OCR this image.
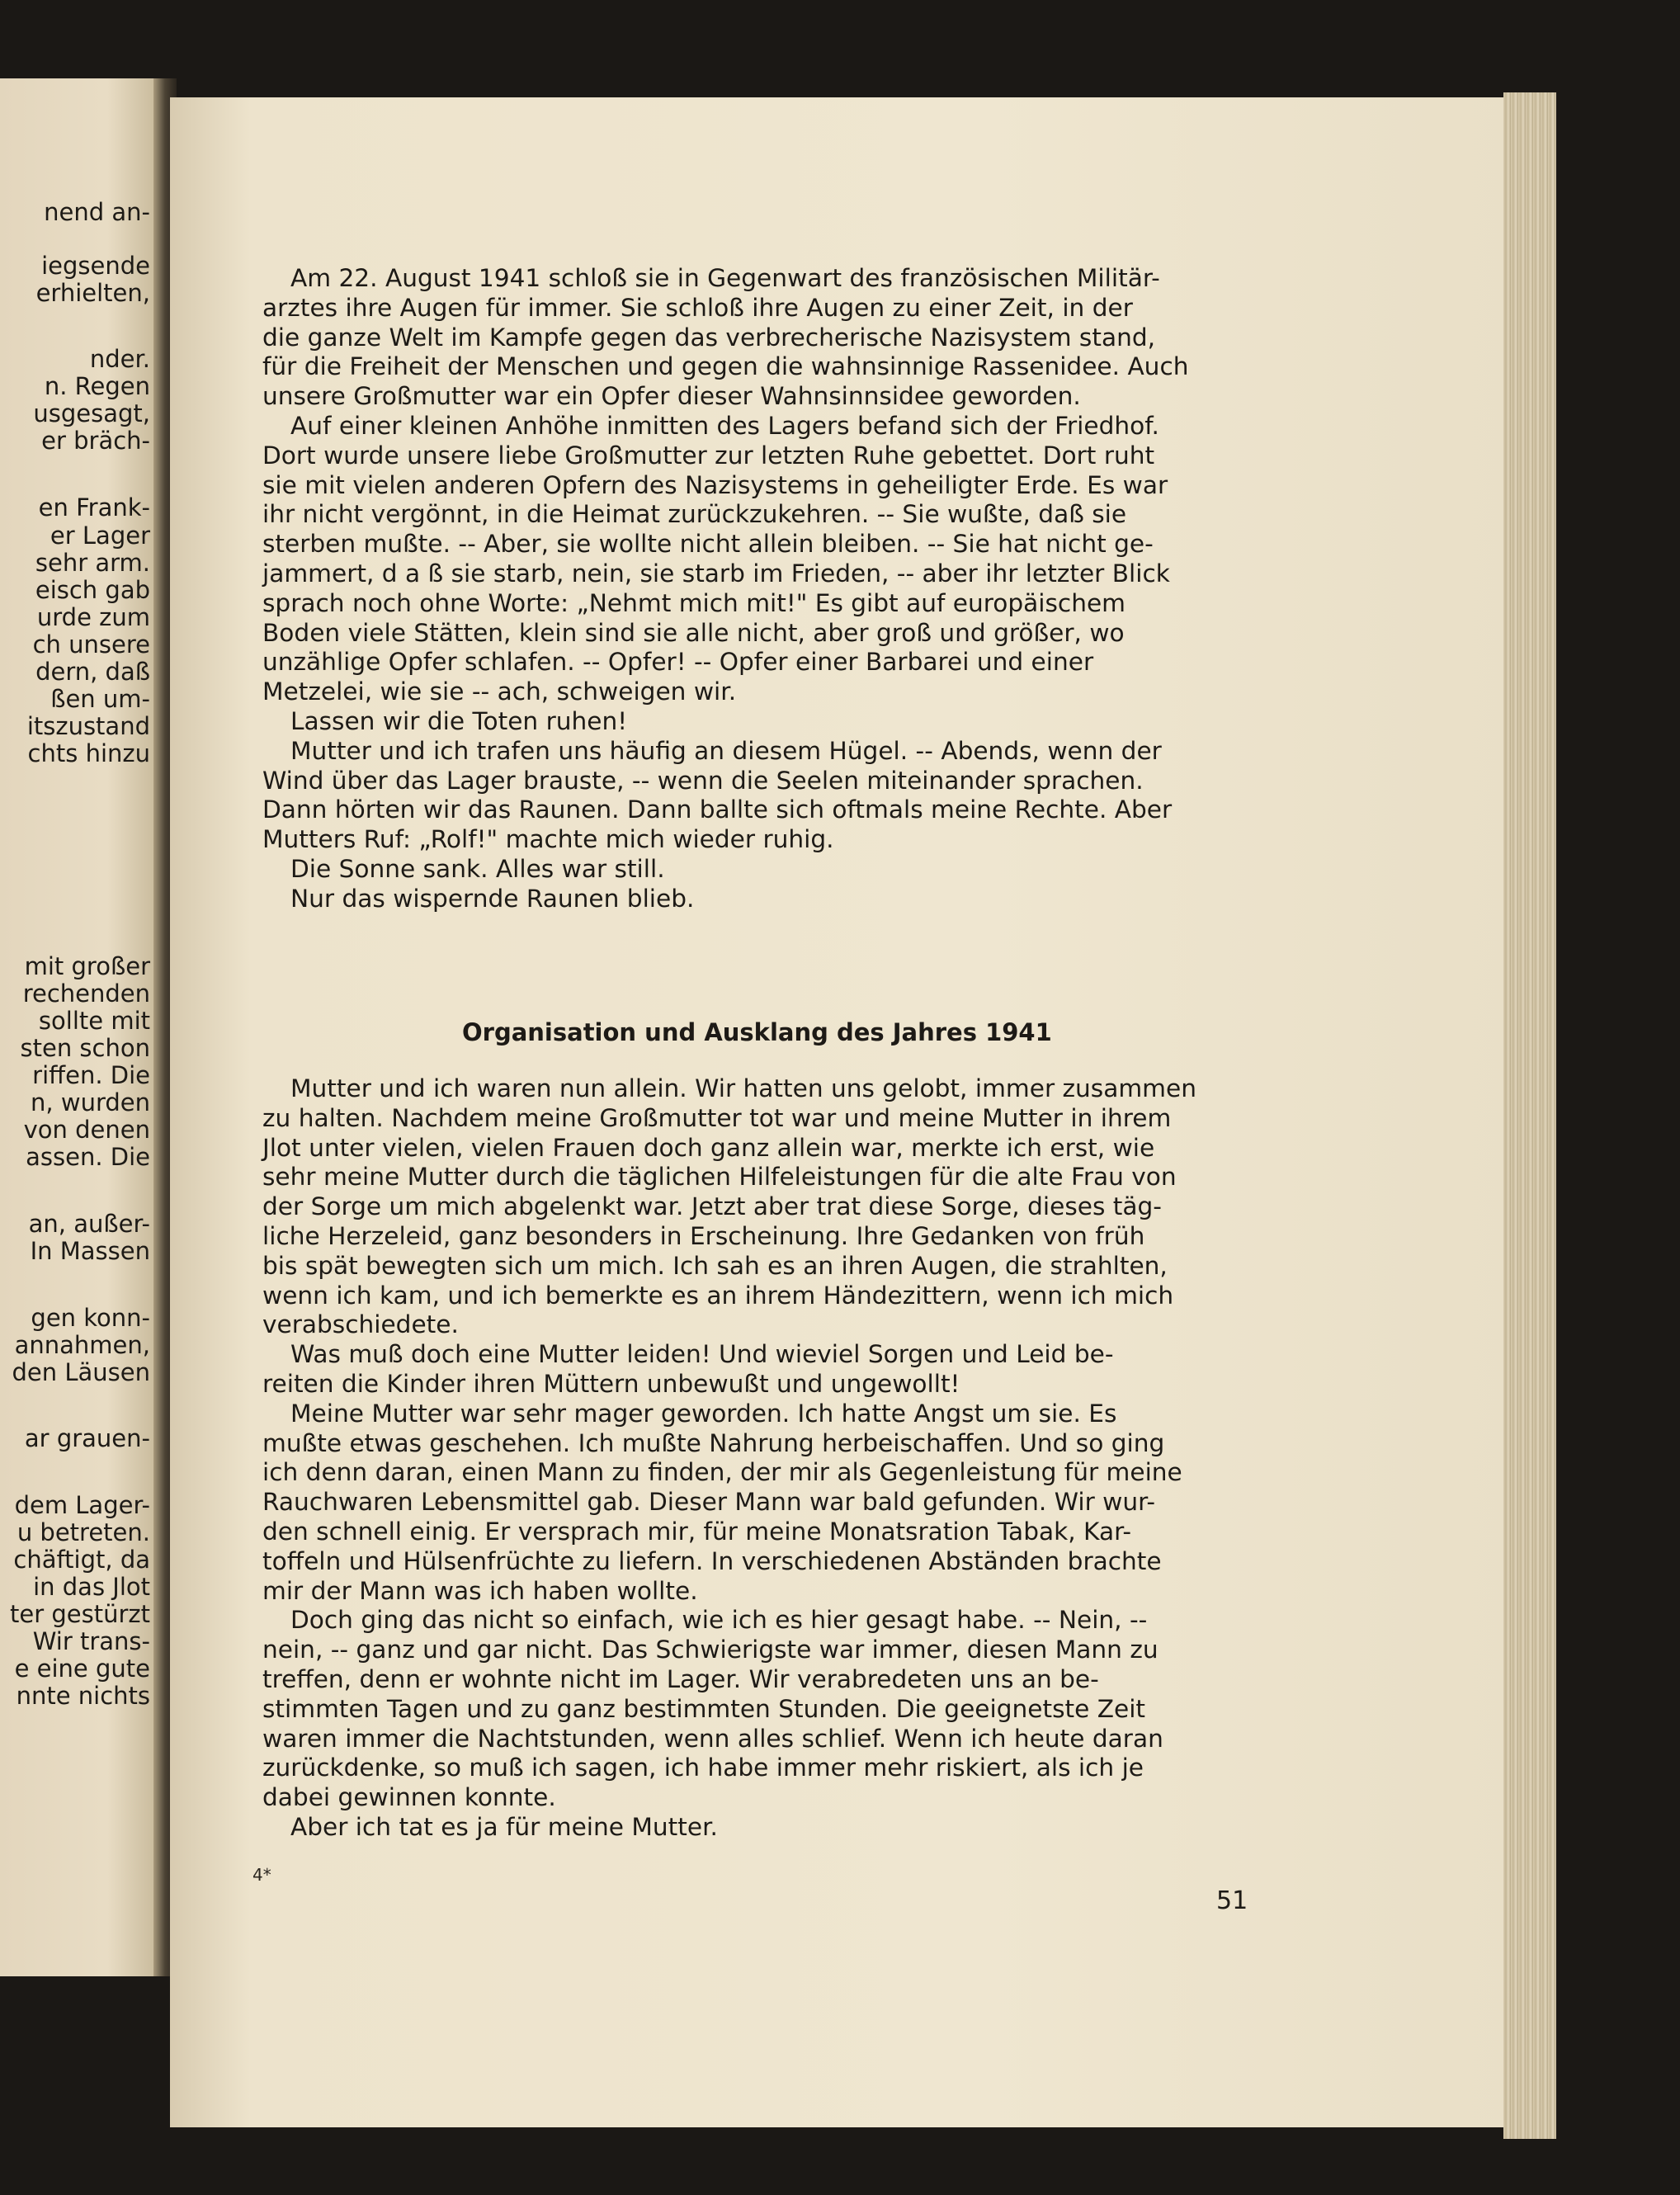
nend an-
iegsende
erhielten,
nder.
n. Regen
usgesagt,
er bräch-
en Frank-
er Lager
sehr arm.
eisch gab
urde zum
ch unsere
dern, daß
ßen um-
itszustand
chts hinzu
mit großer
rechenden
sollte mit
sten schon
riffen. Die
n, wurden
von denen
assen. Die
an, außer-
In Massen
gen konn-
annahmen,
den Läusen
ar grauen-
dem Lager-
u betreten.
chäftigt, da
in das Jlot
ter gestürzt
Wir trans-
e eine gute
nnte nichts
Am 22. August 1941 schloß sie in Gegenwart des französischen Militär-
arztes ihre Augen für immer. Sie schloß ihre Augen zu einer Zeit, in der
die ganze Welt im Kampfe gegen das verbrecherische Nazisystem stand,
für die Freiheit der Menschen und gegen die wahnsinnige Rassenidee. Auch
unsere Großmutter war ein Opfer dieser Wahnsinnsidee geworden.
Auf einer kleinen Anhöhe inmitten des Lagers befand sich der Friedhof.
Dort wurde unsere liebe Großmutter zur letzten Ruhe gebettet. Dort ruht
sie mit vielen anderen Opfern des Nazisystems in geheiligter Erde. Es war
ihr nicht vergönnt, in die Heimat zurückzukehren. -- Sie wußte, daß sie
sterben mußte. -- Aber, sie wollte nicht allein bleiben. -- Sie hat nicht ge-
jammert, d a ß sie starb, nein, sie starb im Frieden, -- aber ihr letzter Blick
sprach noch ohne Worte: „Nehmt mich mit!" Es gibt auf europäischem
Boden viele Stätten, klein sind sie alle nicht, aber groß und größer, wo
unzählige Opfer schlafen. -- Opfer! -- Opfer einer Barbarei und einer
Metzelei, wie sie -- ach, schweigen wir.
Lassen wir die Toten ruhen!
Mutter und ich trafen uns häufig an diesem Hügel. -- Abends, wenn der
Wind über das Lager brauste, -- wenn die Seelen miteinander sprachen.
Dann hörten wir das Raunen. Dann ballte sich oftmals meine Rechte. Aber
Mutters Ruf: „Rolf!" machte mich wieder ruhig.
Die Sonne sank. Alles war still.
Nur das wispernde Raunen blieb.
Organisation und Ausklang des Jahres 1941
Mutter und ich waren nun allein. Wir hatten uns gelobt, immer zusammen
zu halten. Nachdem meine Großmutter tot war und meine Mutter in ihrem
Jlot unter vielen, vielen Frauen doch ganz allein war, merkte ich erst, wie
sehr meine Mutter durch die täglichen Hilfeleistungen für die alte Frau von
der Sorge um mich abgelenkt war. Jetzt aber trat diese Sorge, dieses täg-
liche Herzeleid, ganz besonders in Erscheinung. Ihre Gedanken von früh
bis spät bewegten sich um mich. Ich sah es an ihren Augen, die strahlten,
wenn ich kam, und ich bemerkte es an ihrem Händezittern, wenn ich mich
verabschiedete.
Was muß doch eine Mutter leiden! Und wieviel Sorgen und Leid be-
reiten die Kinder ihren Müttern unbewußt und ungewollt!
Meine Mutter war sehr mager geworden. Ich hatte Angst um sie. Es
mußte etwas geschehen. Ich mußte Nahrung herbeischaffen. Und so ging
ich denn daran, einen Mann zu finden, der mir als Gegenleistung für meine
Rauchwaren Lebensmittel gab. Dieser Mann war bald gefunden. Wir wur-
den schnell einig. Er versprach mir, für meine Monatsration Tabak, Kar-
toffeln und Hülsenfrüchte zu liefern. In verschiedenen Abständen brachte
mir der Mann was ich haben wollte.
Doch ging das nicht so einfach, wie ich es hier gesagt habe. -- Nein, --
nein, -- ganz und gar nicht. Das Schwierigste war immer, diesen Mann zu
treffen, denn er wohnte nicht im Lager. Wir verabredeten uns an be-
stimmten Tagen und zu ganz bestimmten Stunden. Die geeignetste Zeit
waren immer die Nachtstunden, wenn alles schlief. Wenn ich heute daran
zurückdenke, so muß ich sagen, ich habe immer mehr riskiert, als ich je
dabei gewinnen konnte.
Aber ich tat es ja für meine Mutter.
4*
51
